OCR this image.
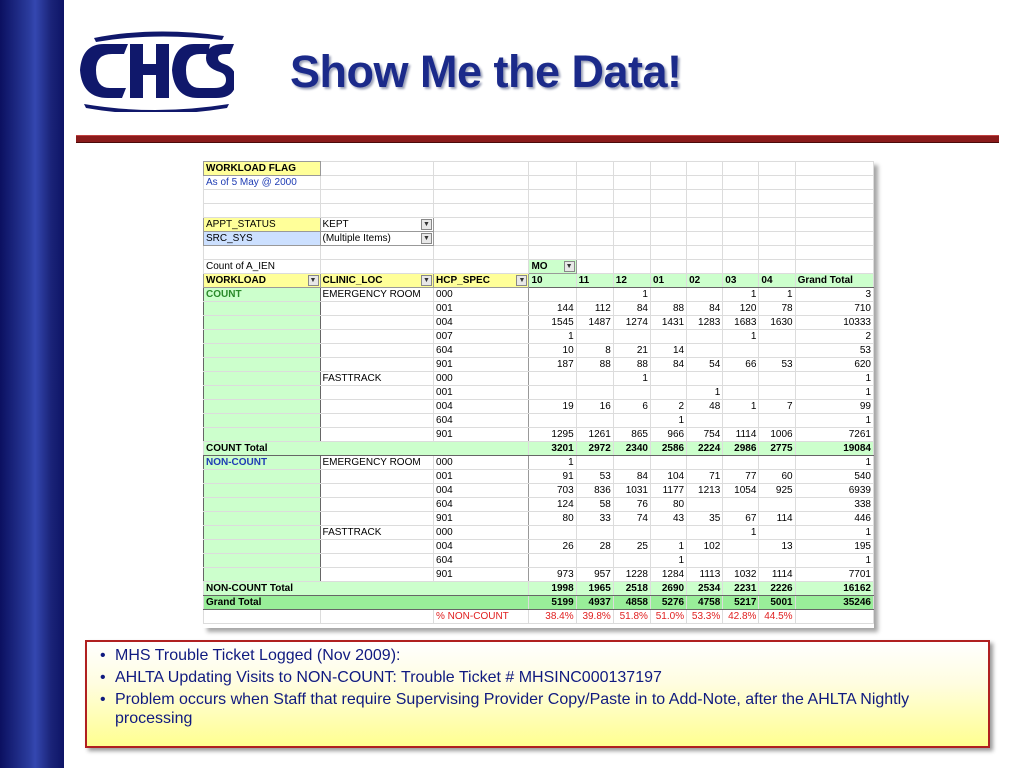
Show Me the Data!
WORKLOAD FLAG										
As of 5 May @ 2000										

APPT_STATUS	KEPT ▼									

SRC_SYS	(Multiple Items) ▼									

Count of A_IEN			MO ▼							

WORKLOAD ▼	CLINIC_LOC ▼	HCP_SPEC ▼	10	11	12	01	02	03	04	Grand Total
COUNT	EMERGENCY ROOM	000			1			1	1	3
		001	144	112	84	88	84	120	78	710
		004	1545	1487	1274	1431	1283	1683	1630	10333
		007	1					1		2
		604	10	8	21	14				53
		901	187	88	88	84	54	66	53	620
	FASTTRACK	000			1					1
		001					1			1
		004	19	16	6	2	48	1	7	99
		604				1				1
		901	1295	1261	865	966	754	1114	1006	7261
COUNT Total			3201	2972	2340	2586	2224	2986	2775	19084
NON-COUNT	EMERGENCY ROOM	000	1							1
		001	91	53	84	104	71	77	60	540
		004	703	836	1031	1177	1213	1054	925	6939
		604	124	58	76	80				338
		901	80	33	74	43	35	67	114	446
	FASTTRACK	000						1		1
		004	26	28	25	1	102		13	195
		604				1				1
		901	973	957	1228	1284	1113	1032	1114	7701
NON-COUNT Total			1998	1965	2518	2690	2534	2231	2226	16162
Grand Total			5199	4937	4858	5276	4758	5217	5001	35246
		% NON-COUNT	38.4%	39.8%	51.8%	51.0%	53.3%	42.8%	44.5%	
• MHS Trouble Ticket Logged (Nov 2009):
• AHLTA Updating Visits to NON-COUNT: Trouble Ticket # MHSINC000137197
• Problem occurs when Staff that require Supervising Provider Copy/Paste in to Add-Note, after the AHLTA Nightly processing
